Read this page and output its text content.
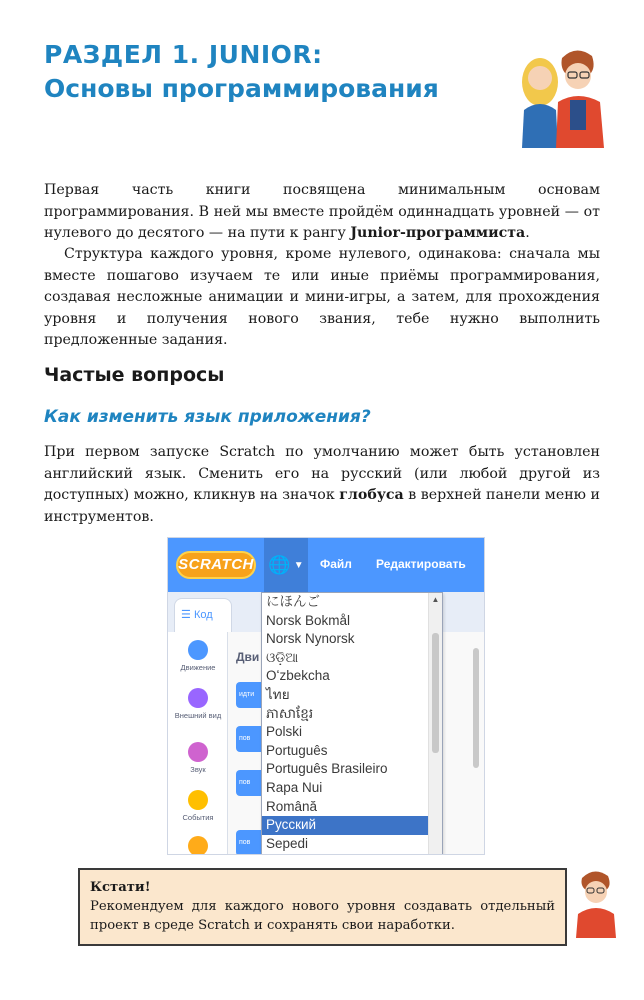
РАЗДЕЛ 1. JUNIOR:
Основы программирования
Первая часть книги посвящена минимальным основам программирования. В ней мы вместе пройдём одиннадцать уровней — от нулевого до десятого — на пути к рангу Junior-программиста.
Структура каждого уровня, кроме нулевого, одинакова: сначала мы вместе пошагово изучаем те или иные приёмы программирования, создавая несложные анимации и мини-игры, а затем, для прохождения уровня и получения нового звания, тебе нужно выполнить предложенные задания.
Частые вопросы
Как изменить язык приложения?
При первом запуске Scratch по умолчанию может быть установлен английский язык. Сменить его на русский (или любой другой из доступных) можно, кликнув на значок глобуса в верхней панели меню и инструментов.
SCRATCH 🌐 ▼ Файл Редактировать
☰ Код
Движение
Внешний вид
Звук
События
Дви
идти
пов
пов
пов
にほんご
Norsk Bokmål
Norsk Nynorsk
ଓଡ଼ିଆ
Oʻzbekcha
ไทย
ភាសាខ្មែរ
Polski
Português
Português Brasileiro
Rapa Nui
Română
Русский
Sepedi
▲
Кстати!
Рекомендуем для каждого нового уровня создавать отдельный проект в среде Scratch и сохранять свои наработки.
